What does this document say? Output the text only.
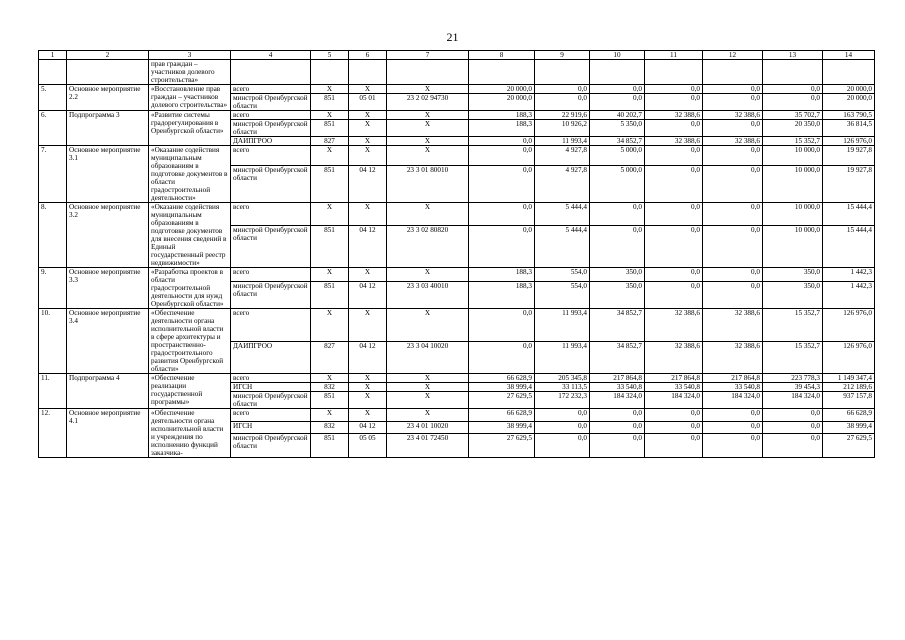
21
1	2	3	4	5	6	7	8	9	10	11	12	13	14
		прав граждан – участников долевого строительства»											
5.	Основное мероприятие 2.2	«Восстановление прав граждан – участников долевого строительства»	всего	Х	Х	Х	20 000,0	0,0	0,0	0,0	0,0	0,0	20 000,0
			минстрой Оренбургской области	851	05 01	23 2 02 94730	20 000,0	0,0	0,0	0,0	0,0	0,0	20 000,0
6.	Подпрограмма 3	«Развитие системы градорегулирования в Оренбургской области»	всего	Х	Х	Х	188,3	22 919,6	40 202,7	32 388,6	32 388,6	35 702,7	163 790,5
			минстрой Оренбургской области	851	Х	Х	188,3	10 926,2	5 350,0	0,0	0,0	20 350,0	36 814,5
			ДАИПГРОО	827	Х	Х	0,0	11 993,4	34 852,7	32 388,6	32 388,6	15 352,7	126 976,0
7.	Основное мероприятие 3.1	«Оказание содействия муниципальным образованиям в подготовке документов в области градостроительной деятельности»	всего	Х	Х	Х	0,0	4 927,8	5 000,0	0,0	0,0	10 000,0	19 927,8
			минстрой Оренбургской области	851	04 12	23 3 01 80010	0,0	4 927,8	5 000,0	0,0	0,0	10 000,0	19 927,8
8.	Основное мероприятие 3.2	«Оказание содействия муниципальным образованиям в подготовке документов для внесения сведений в Единый государственный реестр недвижимости»	всего	Х	Х	Х	0,0	5 444,4	0,0	0,0	0,0	10 000,0	15 444,4
			минстрой Оренбургской области	851	04 12	23 3 02 80820	0,0	5 444,4	0,0	0,0	0,0	10 000,0	15 444,4
9.	Основное мероприятие 3.3	«Разработка проектов в области градостроительной деятельности для нужд Оренбургской области»	всего	Х	Х	Х	188,3	554,0	350,0	0,0	0,0	350,0	1 442,3
			минстрой Оренбургской области	851	04 12	23 3 03 40010	188,3	554,0	350,0	0,0	0,0	350,0	1 442,3
10.	Основное мероприятие 3.4	«Обеспечение деятельности органа исполнительной власти в сфере архитектуры и пространственно-градостроительного развития Оренбургской области»	всего	Х	Х	Х	0,0	11 993,4	34 852,7	32 388,6	32 388,6	15 352,7	126 976,0
			ДАИПГРОО	827	04 12	23 3 04 10020	0,0	11 993,4	34 852,7	32 388,6	32 388,6	15 352,7	126 976,0
11.	Подпрограмма 4	«Обеспечение реализации государственной программы»	всего	Х	Х	Х	66 628,9	205 345,8	217 864,8	217 864,8	217 864,8	223 778,3	1 149 347,4
			ИГСН	832	Х	Х	38 999,4	33 113,5	33 540,8	33 540,8	33 540,8	39 454,3	212 189,6
			минстрой Оренбургской области	851	Х	Х	27 629,5	172 232,3	184 324,0	184 324,0	184 324,0	184 324,0	937 157,8
12.	Основное мероприятие 4.1	«Обеспечение деятельности органа исполнительной власти и учреждения по исполнению функций заказчика-	всего	Х	Х	Х	66 628,9	0,0	0,0	0,0	0,0	0,0	66 628,9
			ИГСН	832	04 12	23 4 01 10020	38 999,4	0,0	0,0	0,0	0,0	0,0	38 999,4
			минстрой Оренбургской области	851	05 05	23 4 01 72450	27 629,5	0,0	0,0	0,0	0,0	0,0	27 629,5
